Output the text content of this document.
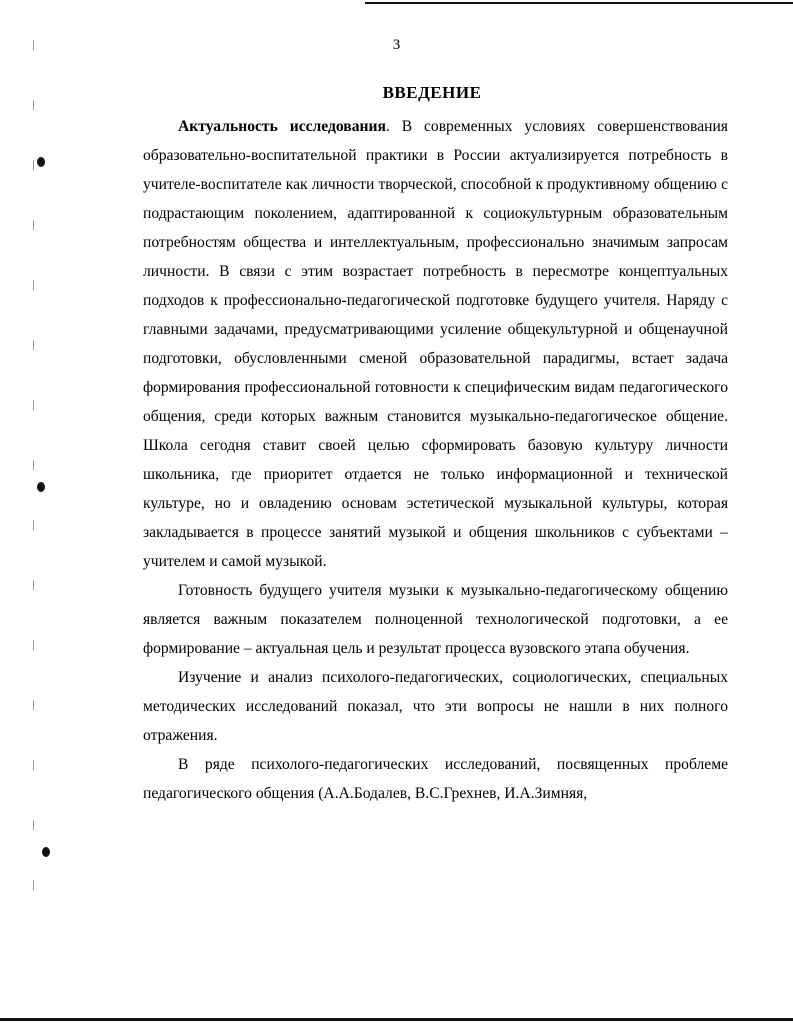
3
ВВЕДЕНИЕ

Актуальность исследования. В современных условиях совершенствования образовательно-воспитательной практики в России актуализируется потребность в учителе-воспитателе как личности творческой, способной к продуктивному общению с подрастающим поколением, адаптированной к социокультурным образовательным потребностям общества и интеллектуальным, профессионально значимым запросам личности. В связи с этим возрастает потребность в пересмотре концептуальных подходов к профессионально-педагогической подготовке будущего учителя. Наряду с главными задачами, предусматривающими усиление общекультурной и общенаучной подготовки, обусловленными сменой образовательной парадигмы, встает задача формирования профессиональной готовности к специфическим видам педагогического общения, среди которых важным становится музыкально-педагогическое общение. Школа сегодня ставит своей целью сформировать базовую культуру личности школьника, где приоритет отдается не только информационной и технической культуре, но и овладению основам эстетической музыкальной культуры, которая закладывается в процессе занятий музыкой и общения школьников с субъектами – учителем и самой музыкой.

Готовность будущего учителя музыки к музыкально-педагогическому общению является важным показателем полноценной технологической подготовки, а ее формирование – актуальная цель и результат процесса вузовского этапа обучения.

Изучение и анализ психолого-педагогических, социологических, специальных методических исследований показал, что эти вопросы не нашли в них полного отражения.

В ряде психолого-педагогических исследований, посвященных проблеме педагогического общения (А.А.Бодалев, В.С.Грехнев, И.А.Зимняя,
